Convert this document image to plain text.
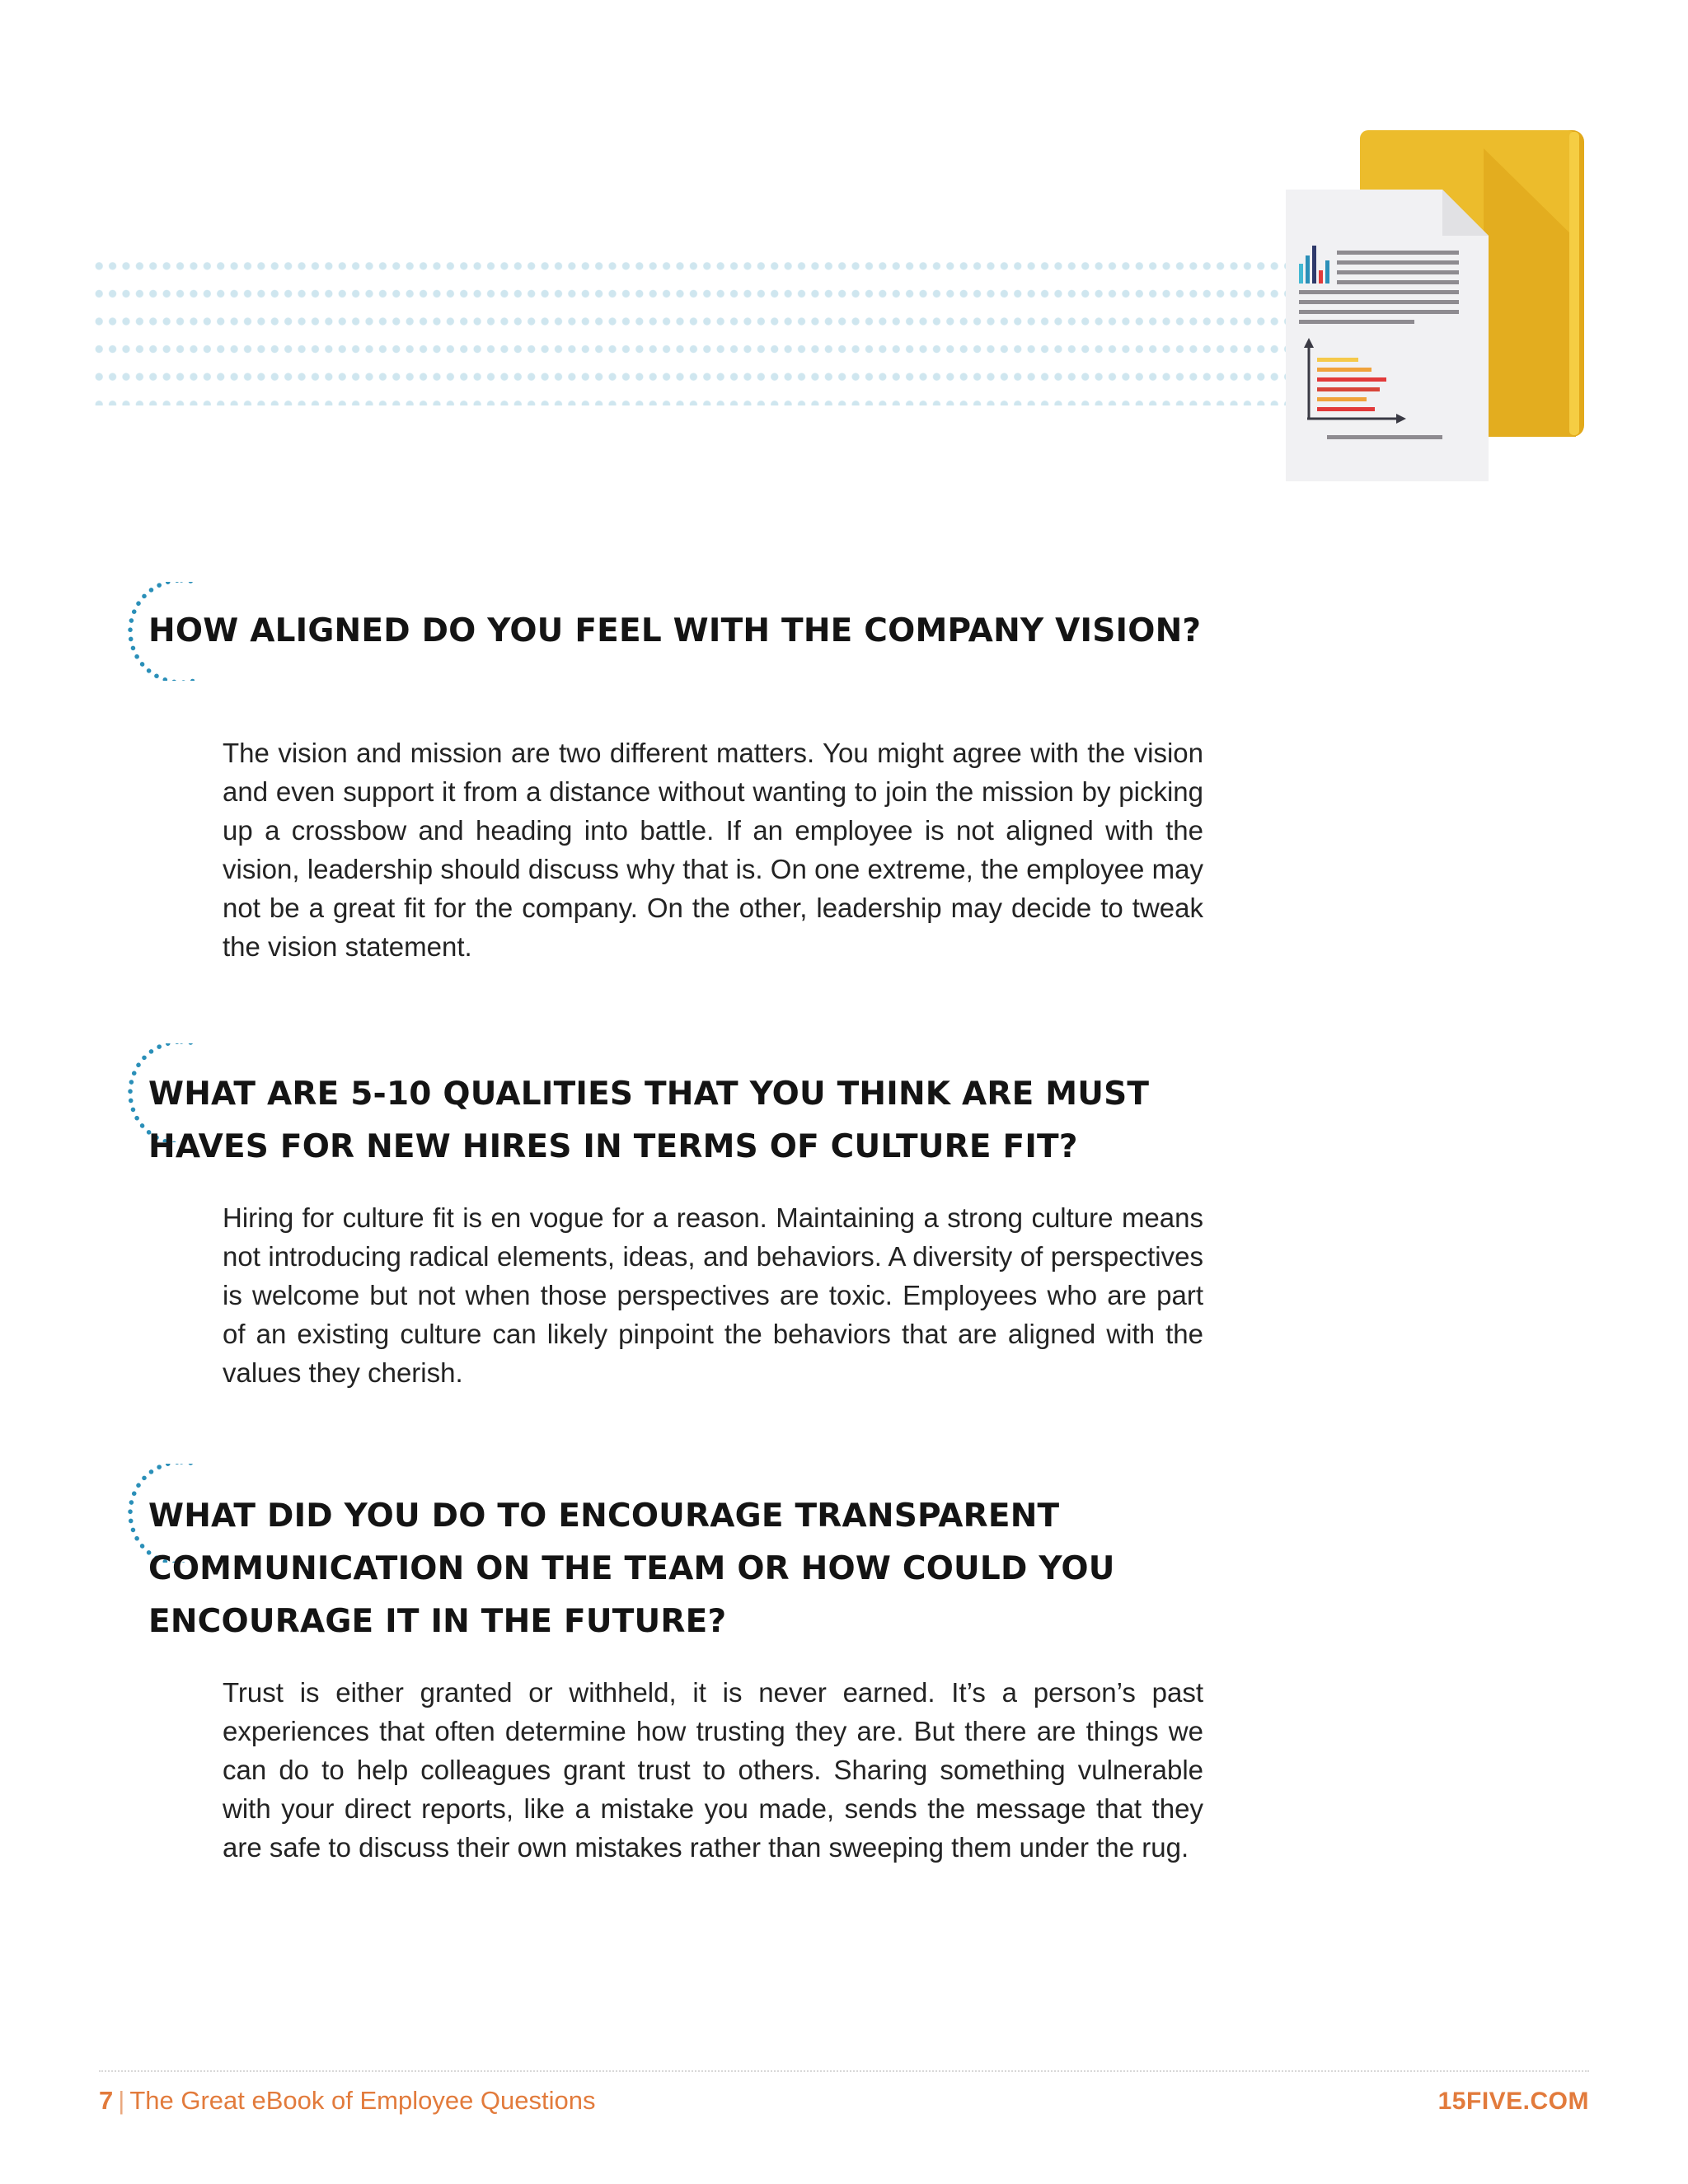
HOW ALIGNED DO YOU FEEL WITH THE COMPANY VISION?

The vision and mission are two different matters. You might agree with the vision and even support it from a distance without wanting to join the mission by picking up a crossbow and heading into battle. If an employee is not aligned with the vision, leadership should discuss why that is. On one extreme, the employee may not be a great fit for the company. On the other, leadership may decide to tweak the vision statement.

WHAT ARE 5-10 QUALITIES THAT YOU THINK ARE MUST HAVES FOR NEW HIRES IN TERMS OF CULTURE FIT?

Hiring for culture fit is en vogue for a reason. Maintaining a strong culture means not introducing radical elements, ideas, and behaviors. A diversity of perspectives is welcome but not when those perspectives are toxic. Employees who are part of an existing culture can likely pinpoint the behaviors that are aligned with the values they cherish.

WHAT DID YOU DO TO ENCOURAGE TRANSPARENT COMMUNICATION ON THE TEAM OR HOW COULD YOU ENCOURAGE IT IN THE FUTURE?

Trust is either granted or withheld, it is never earned. It’s a person’s past experiences that often determine how trusting they are. But there are things we can do to help colleagues grant trust to others. Sharing something vulnerable with your direct reports, like a mistake you made, sends the message that they are safe to discuss their own mistakes rather than sweeping them under the rug.

7 | The Great eBook of Employee Questions	15FIVE.COM
